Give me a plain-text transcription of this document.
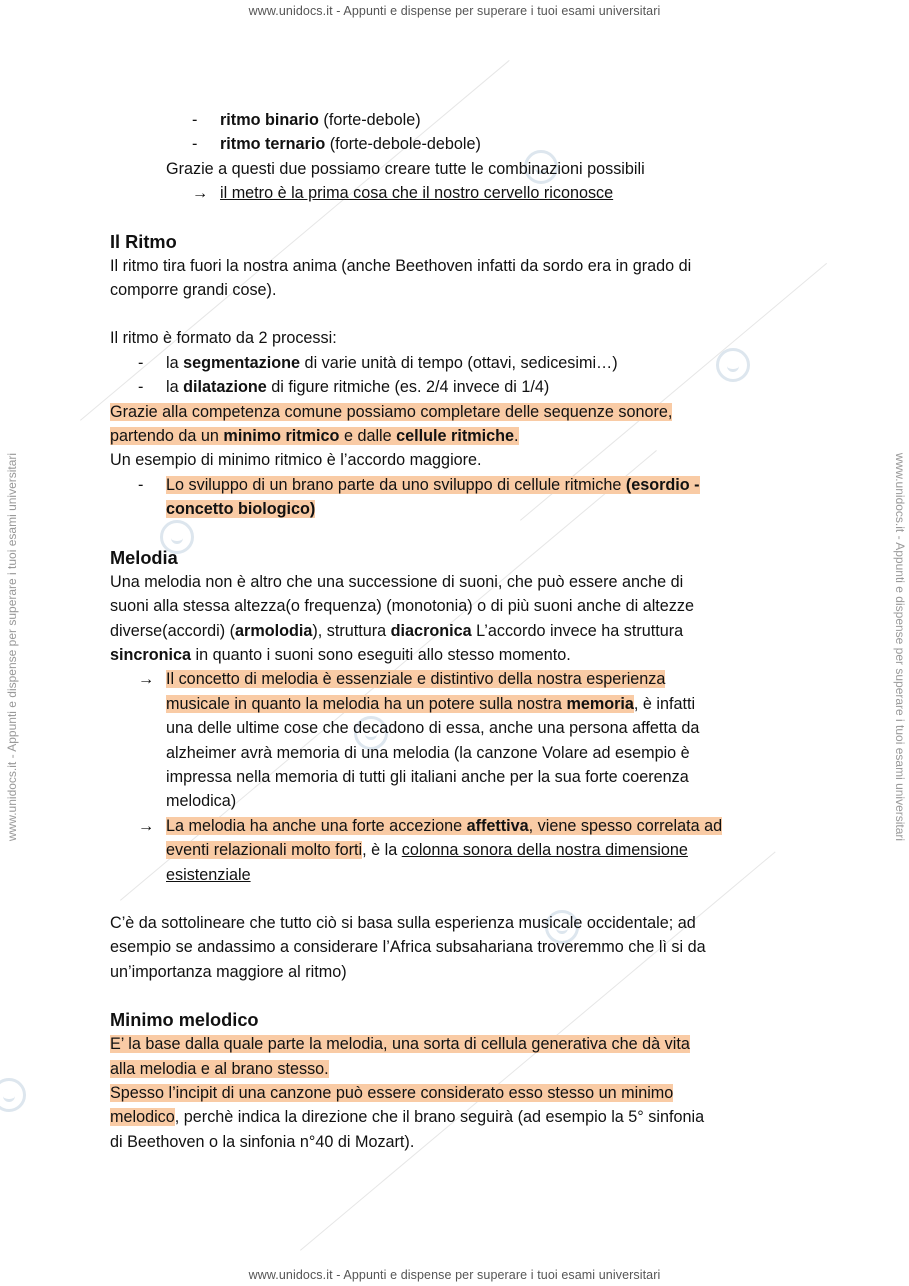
www.unidocs.it - Appunti e dispense per superare i tuoi esami universitari
www.unidocs.it - Appunti e dispense per superare i tuoi esami universitari
www.unidocs.it - Appunti e dispense per superare i tuoi esami universitari	www.unidocs.it - Appunti e dispense per superare i tuoi esami universitari
- ritmo binario (forte-debole)
- ritmo ternario (forte-debole-debole)
Grazie a questi due possiamo creare tutte le combinazioni possibili
→ il metro è la prima cosa che il nostro cervello riconosce
Il Ritmo
Il ritmo tira fuori la nostra anima (anche Beethoven infatti da sordo era in grado di
comporre grandi cose).
Il ritmo è formato da 2 processi:
- la segmentazione di varie unità di tempo (ottavi, sedicesimi…)
- la dilatazione di figure ritmiche (es. 2/4 invece di 1/4)
Grazie alla competenza comune possiamo completare delle sequenze sonore,
partendo da un minimo ritmico e dalle cellule ritmiche.
Un esempio di minimo ritmico è l’accordo maggiore.
- Lo sviluppo di un brano parte da uno sviluppo di cellule ritmiche (esordio -
concetto biologico)
Melodia
Una melodia non è altro che una successione di suoni, che può essere anche di
suoni alla stessa altezza(o frequenza) (monotonia) o di più suoni anche di altezze
diverse(accordi) (armolodia), struttura diacronica L’accordo invece ha struttura
sincronica in quanto i suoni sono eseguiti allo stesso momento.
→ Il concetto di melodia è essenziale e distintivo della nostra esperienza
musicale in quanto la melodia ha un potere sulla nostra memoria, è infatti
una delle ultime cose che decadono di essa, anche una persona affetta da
alzheimer avrà memoria di una melodia (la canzone Volare ad esempio è
impressa nella memoria di tutti gli italiani anche per la sua forte coerenza
melodica)
→ La melodia ha anche una forte accezione affettiva, viene spesso correlata ad
eventi relazionali molto forti, è la colonna sonora della nostra dimensione
esistenziale
C’è da sottolineare che tutto ciò si basa sulla esperienza musicale occidentale; ad
esempio se andassimo a considerare l’Africa subsahariana troveremmo che lì si da
un’importanza maggiore al ritmo)
Minimo melodico
E’ la base dalla quale parte la melodia, una sorta di cellula generativa che dà vita
alla melodia e al brano stesso.
Spesso l’incipit di una canzone può essere considerato esso stesso un minimo
melodico, perchè indica la direzione che il brano seguirà (ad esempio la 5° sinfonia
di Beethoven o la sinfonia n°40 di Mozart).
